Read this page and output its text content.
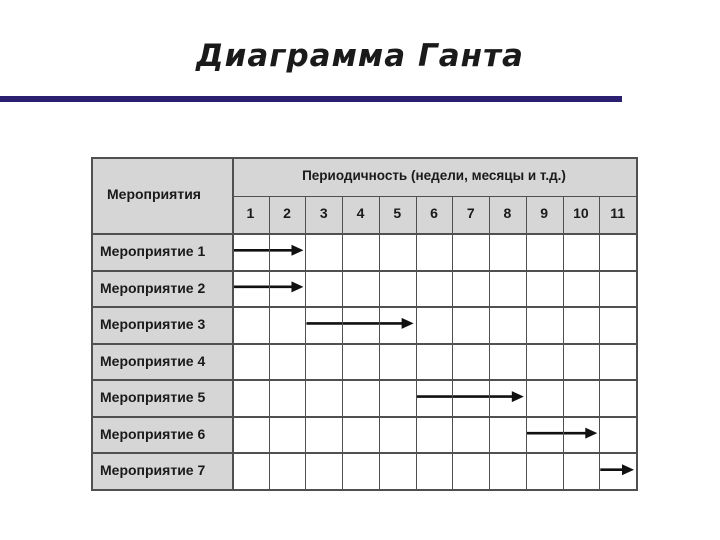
Диаграмма Ганта
Мероприятия
Периодичность (недели, месяцы и т.д.)
1	2	3	4	5	6	7	8	9	10	11
Мероприятие 1
Мероприятие 2
Мероприятие 3
Мероприятие 4
Мероприятие 5
Мероприятие 6
Мероприятие 7
